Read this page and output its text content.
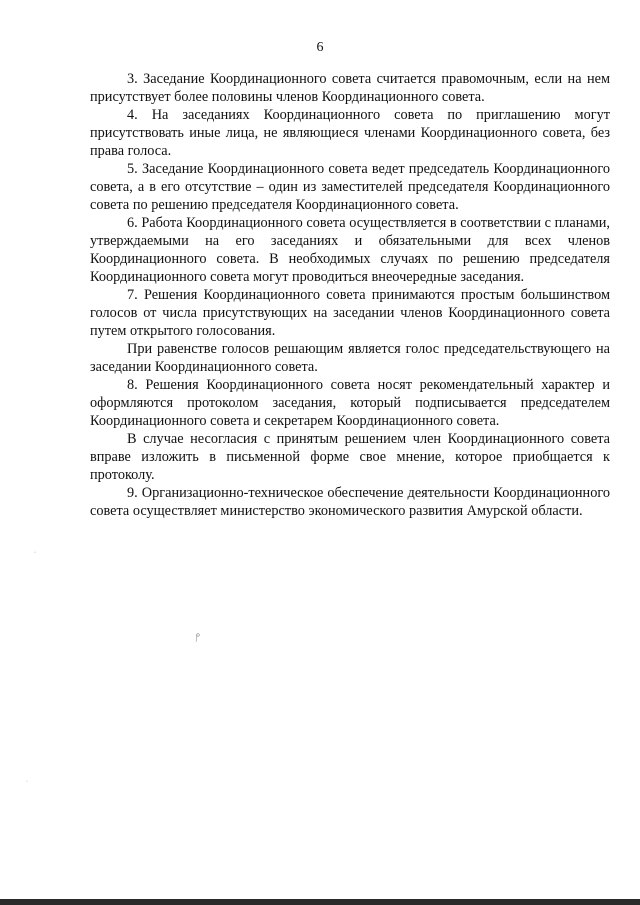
6

3. Заседание Координационного совета считается правомочным, если на нем присутствует более половины членов Координационного совета.

4. На заседаниях Координационного совета по приглашению могут присутствовать иные лица, не являющиеся членами Координационного совета, без права голоса.

5. Заседание Координационного совета ведет председатель Координационного совета, а в его отсутствие – один из заместителей председателя Координационного совета по решению председателя Координационного совета.

6. Работа Координационного совета осуществляется в соответствии с планами, утверждаемыми на его заседаниях и обязательными для всех членов Координационного совета. В необходимых случаях по решению председателя Координационного совета могут проводиться внеочередные заседания.

7. Решения Координационного совета принимаются простым большинством голосов от числа присутствующих на заседании членов Координационного совета путем открытого голосования.

При равенстве голосов решающим является голос председательствующего на заседании Координационного совета.

8. Решения Координационного совета носят рекомендательный характер и оформляются протоколом заседания, который подписывается председателем Координационного совета и секретарем Координационного совета.

В случае несогласия с принятым решением член Координационного совета вправе изложить в письменной форме свое мнение, которое приобщается к протоколу.

9. Организационно-техническое обеспечение деятельности Координационного совета осуществляет министерство экономического развития Амурской области.

⁄°
·
·
